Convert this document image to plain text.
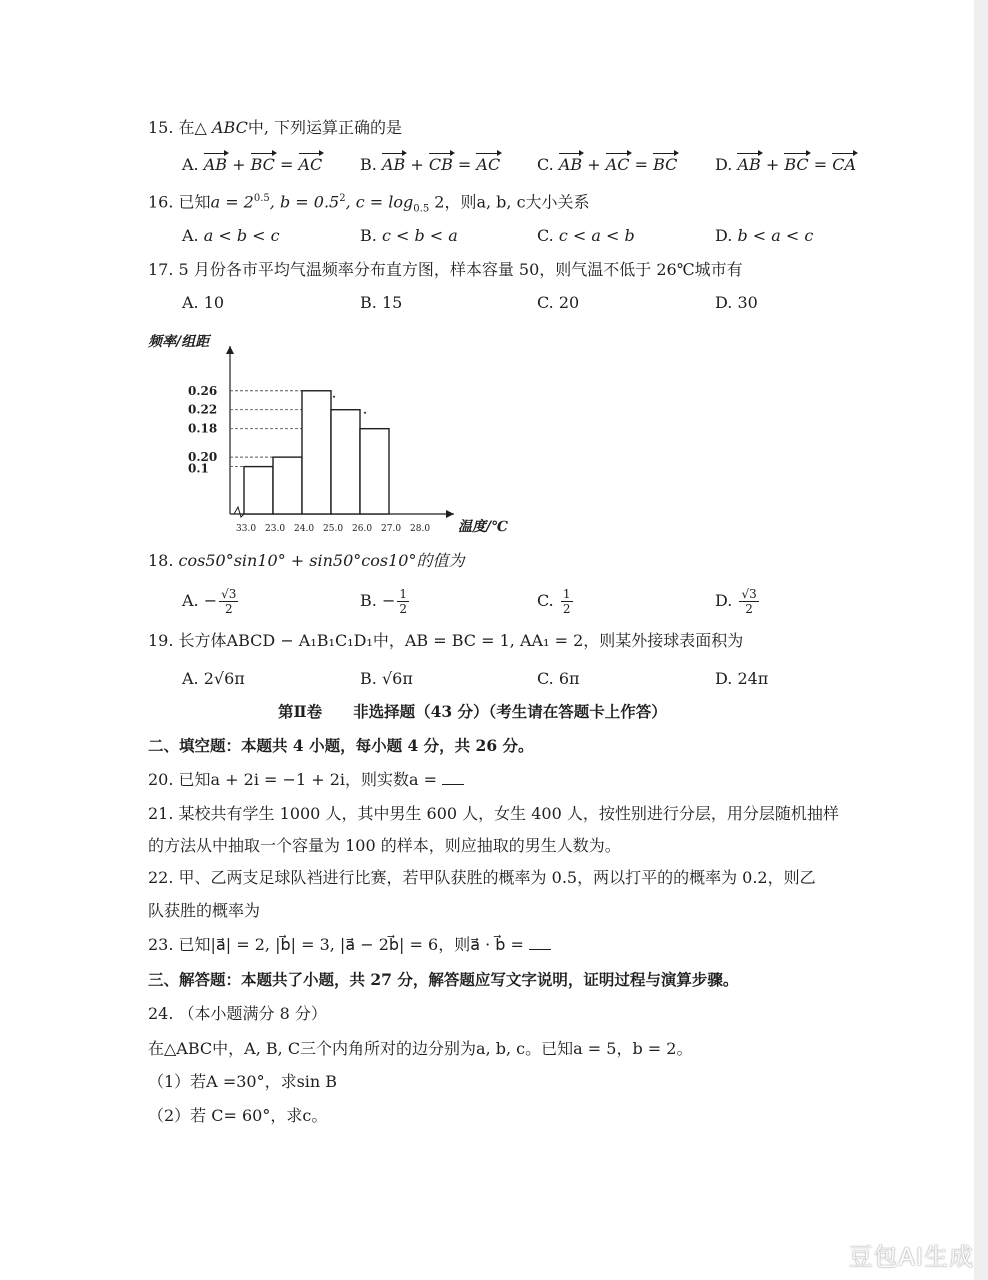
15. 在△ ABC中, 下列运算正确的是
A. AB + BC = AC B. AB + CB = AC C. AB + AC = BC D. AB + BC = CA
16. 已知$a = 2^{0.5}$, $b = 0.5^2$, $c = \log_{0.5} 2$，则a, b, c大小关系
A. a < b < c	B. c < b < a	C. c < a < b	D. b < a < c
17. 5 月份各市平均气温频率分布直方图，样本容量 50，则气温不低于 26℃城市有
A. 10	B. 15	C. 20	D. 30
频率/组距
温度/℃
0.26
0.22
0.18
0.20
0.1
33.0 23.0 24.0 25.0 26.0 27.0 28.0
18. cos50°sin10° + sin50°cos10°的值为
A. − $\frac{√3}{2}$	B. − $\frac{1}{2}$	C. $\frac{1}{2}$	D. $\frac{√3}{2}$
19. 长方体ABCD − A₁B₁C₁D₁中，AB = BC = 1, AA₁ = 2，则某外接球表面积为
A. 2√6π	B. √6π	C. 6π	D. 24π
第Ⅱ卷　　非选择题（43 分）（考生请在答题卡上作答）
二、填空题：本题共 4 小题，每小题 4 分，共 26 分。
20. 已知a + 2i = −1 + 2i，则实数a =
21. 某校共有学生 1000 人，其中男生 600 人，女生 400 人，按性别进行分层，用分层随机抽样
的方法从中抽取一个容量为 100 的样本，则应抽取的男生人数为。
22. 甲、乙两支足球队裆进行比赛，若甲队获胜的概率为 0.5，两以打平的的概率为 0.2，则乙
队获胜的概率为
23. 已知|a⃗| = 2, |b⃗| = 3, |a⃗ − 2b⃗| = 6，则a⃗ · b⃗ =
三、解答题：本题共了小题，共 27 分，解答题应写文字说明，证明过程与演算步骤。
24. （本小题满分 8 分）
在△ABC中，A, B, C三个内角所对的边分别为a, b, c。已知a = 5，b = 2。
（1）若A =30°，求sin B
（2）若 C= 60°，求c。
豆包AI生成
